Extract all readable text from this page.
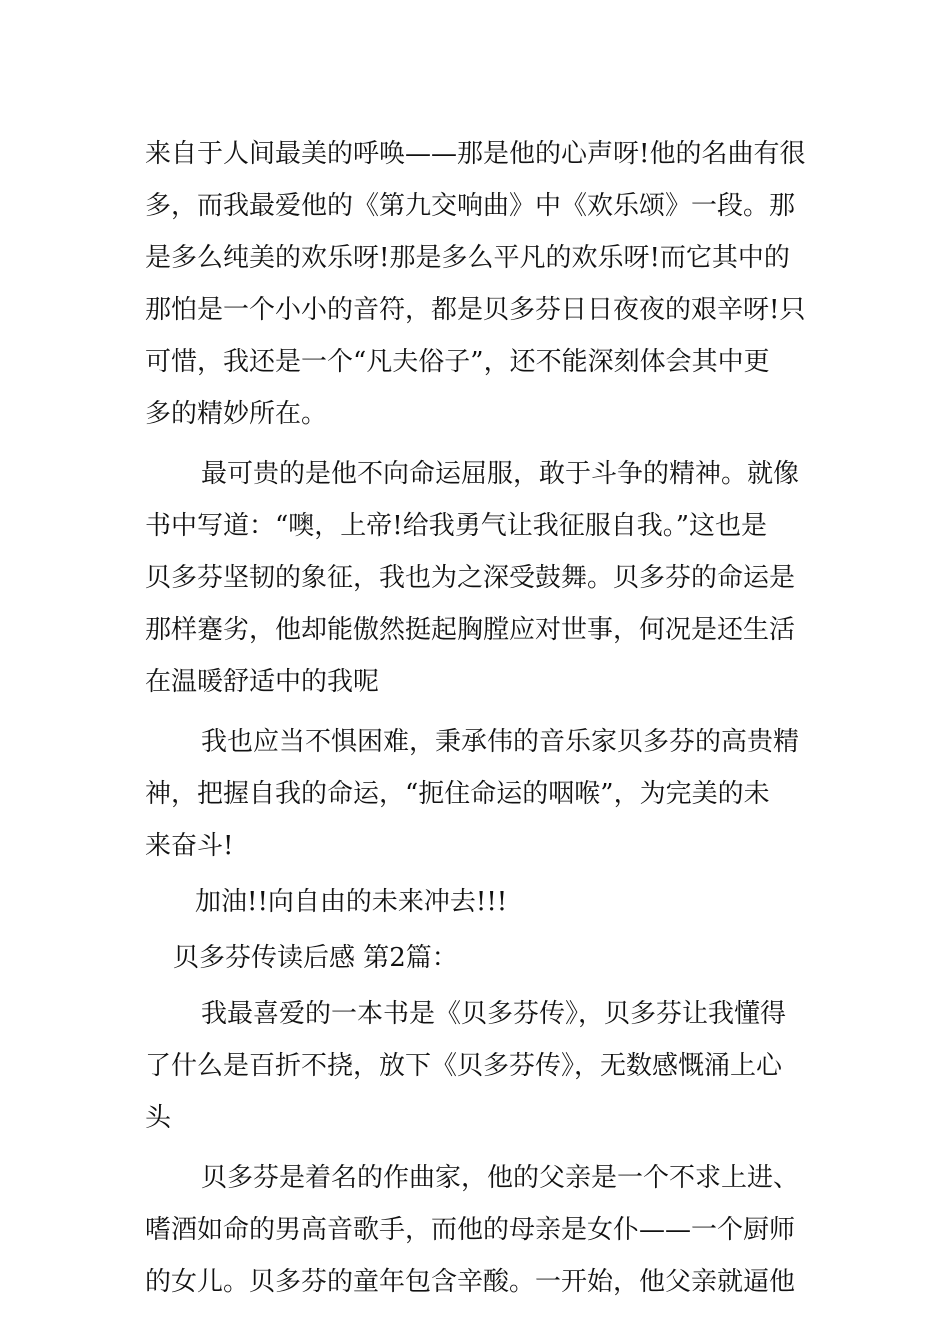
来自于人间最美的呼唤——那是他的心声呀!他的名曲有很
多，而我最爱他的《第九交响曲》中《欢乐颂》一段。那
是多么纯美的欢乐呀!那是多么平凡的欢乐呀!而它其中的
那怕是一个小小的音符，都是贝多芬日日夜夜的艰辛呀!只
可惜，我还是一个“凡夫俗子”，还不能深刻体会其中更
多的精妙所在。
最可贵的是他不向命运屈服，敢于斗争的精神。就像
书中写道：“噢，上帝!给我勇气让我征服自我。”这也是
贝多芬坚韧的象征，我也为之深受鼓舞。贝多芬的命运是
那样蹇劣，他却能傲然挺起胸膛应对世事，何况是还生活
在温暖舒适中的我呢
我也应当不惧困难，秉承伟的音乐家贝多芬的高贵精
神，把握自我的命运，“扼住命运的咽喉”，为完美的未
来奋斗!
加油!!向自由的未来冲去!!!
贝多芬传读后感 第2篇：
我最喜爱的一本书是《贝多芬传》，贝多芬让我懂得
了什么是百折不挠，放下《贝多芬传》，无数感慨涌上心
头
贝多芬是着名的作曲家，他的父亲是一个不求上进、
嗜酒如命的男高音歌手，而他的母亲是女仆——一个厨师
的女儿。贝多芬的童年包含辛酸。一开始，他父亲就逼他
